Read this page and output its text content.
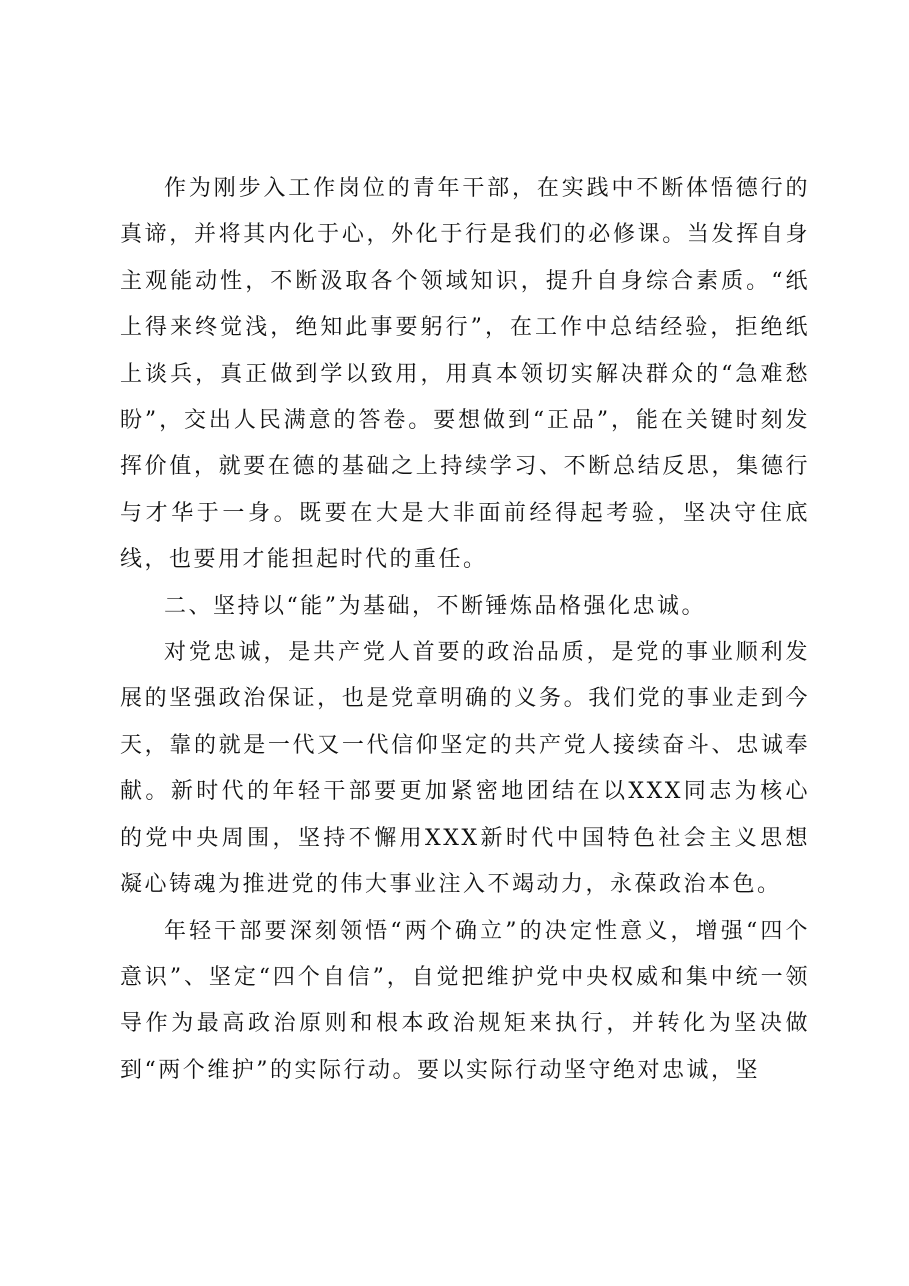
作为刚步入工作岗位的青年干部，在实践中不断体悟德行的真谛，并将其内化于心，外化于行是我们的必修课。当发挥自身主观能动性，不断汲取各个领域知识，提升自身综合素质。“纸上得来终觉浅，绝知此事要躬行”，在工作中总结经验，拒绝纸上谈兵，真正做到学以致用，用真本领切实解决群众的“急难愁盼”，交出人民满意的答卷。要想做到“正品”，能在关键时刻发挥价值，就要在德的基础之上持续学习、不断总结反思，集德行与才华于一身。既要在大是大非面前经得起考验，坚决守住底线，也要用才能担起时代的重任。

二、坚持以“能”为基础，不断锤炼品格强化忠诚。

对党忠诚，是共产党人首要的政治品质，是党的事业顺利发展的坚强政治保证，也是党章明确的义务。我们党的事业走到今天，靠的就是一代又一代信仰坚定的共产党人接续奋斗、忠诚奉献。新时代的年轻干部要更加紧密地团结在以XXX同志为核心的党中央周围，坚持不懈用XXX新时代中国特色社会主义思想凝心铸魂为推进党的伟大事业注入不竭动力，永葆政治本色。

年轻干部要深刻领悟“两个确立”的决定性意义，增强“四个意识”、坚定“四个自信”，自觉把维护党中央权威和集中统一领导作为最高政治原则和根本政治规矩来执行，并转化为坚决做到“两个维护”的实际行动。要以实际行动坚守绝对忠诚，坚
